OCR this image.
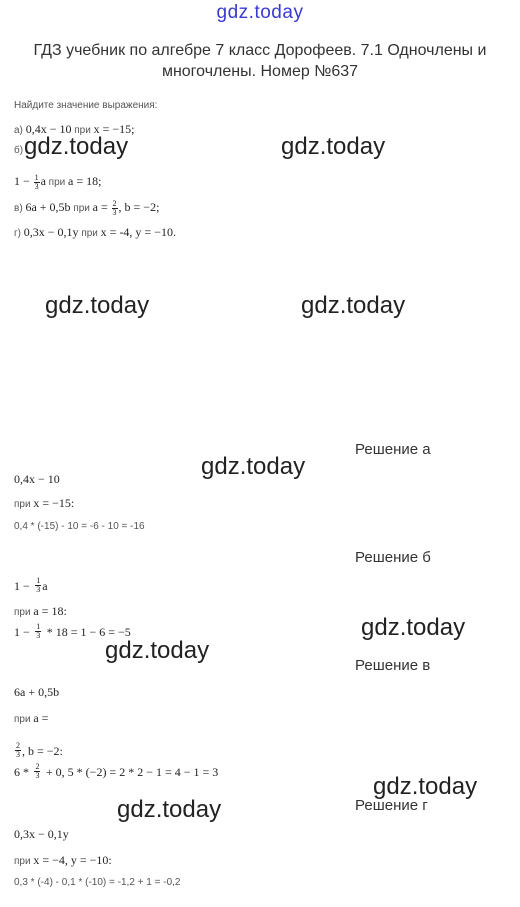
gdz.today
ГДЗ учебник по алгебре 7 класс Дорофеев. 7.1 Одночлены и многочлены. Номер №637
Найдите значение выражения:
а) 0,4x − 10 при x = −15;
б)
$1 - \frac{1}{3}$ a при a = 18;
в) 6a + 0,5b при $a = \frac{2}{3}$ , b = −2;
г) 0,3x − 0,1y при x = -4, y = −10.
Решение а
0,4x − 10
при x = −15:
0,4 * (-15) - 10 = -6 - 10 = -16
Решение б
$1 - \frac{1}{3}$ a
при a = 18:
$1 - \frac{1}{3} * 18 = 1 - 6 = -5$
Решение в
6a + 0,5b
при a =
$\frac{2}{3}$ , b = −2:
$6 * \frac{2}{3} + 0$, 5 * (−2) = 2 * 2 − 1 = 4 − 1 = 3
Решение г
0,3x − 0,1y
при x = −4, y = −10:
0,3 * (-4) - 0,1 * (-10) = -1,2 + 1 = -0,2
gdz.today	gdz.today
gdz.today	gdz.today
gdz.today
gdz.today
gdz.today
gdz.today
gdz.today
